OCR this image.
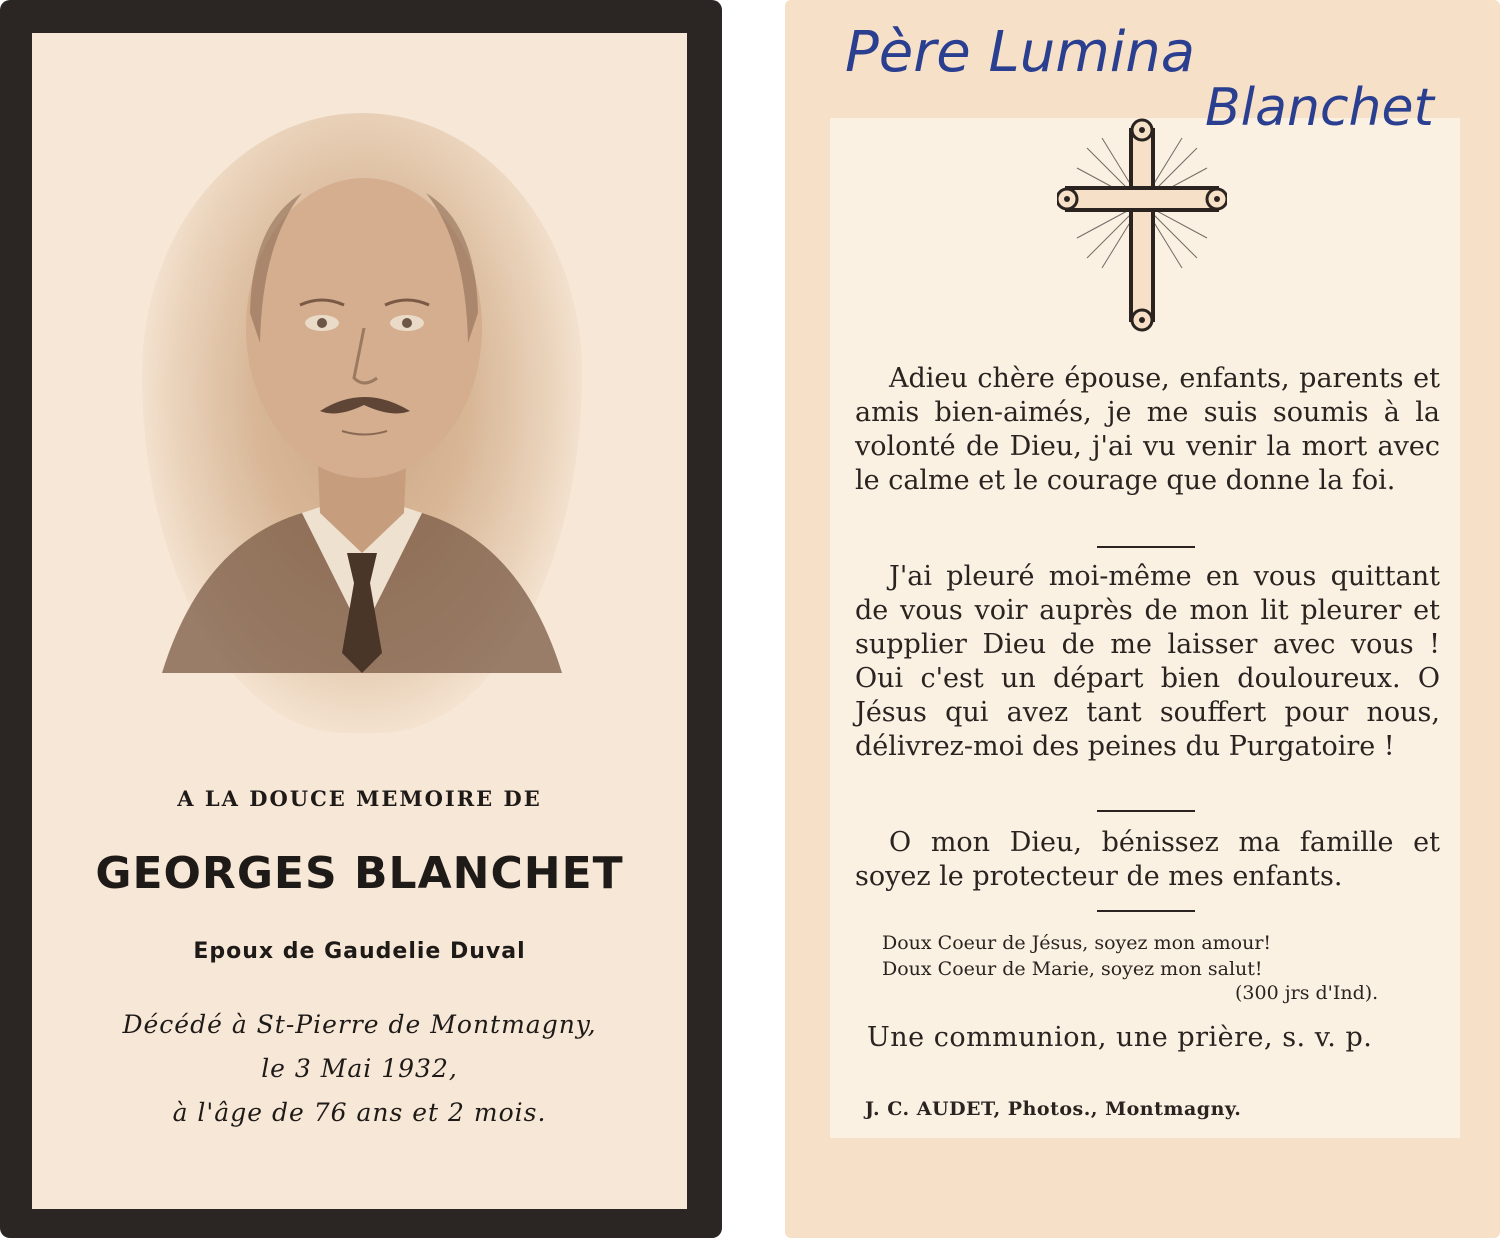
A LA DOUCE MEMOIRE DE
GEORGES BLANCHET
Epoux de Gaudelie Duval
Décédé à St-Pierre de Montmagny,
le 3 Mai 1932,
à l'âge de 76 ans et 2 mois.
Père Lumina
Blanchet
Adieu chère épouse, enfants, parents et amis bien-aimés, je me suis soumis à la volonté de Dieu, j'ai vu venir la mort avec le calme et le courage que donne la foi.
J'ai pleuré moi-même en vous quittant de vous voir auprès de mon lit pleurer et supplier Dieu de me laisser avec vous ! Oui c'est un départ bien douloureux. O Jésus qui avez tant souffert pour nous, délivrez-moi des peines du Purgatoire !
O mon Dieu, bénissez ma famille et soyez le protecteur de mes enfants.
Doux Coeur de Jésus, soyez mon amour!
Doux Coeur de Marie, soyez mon salut!
(300 jrs d'Ind).
Une communion, une prière, s. v. p.
J. C. AUDET, Photos., Montmagny.
